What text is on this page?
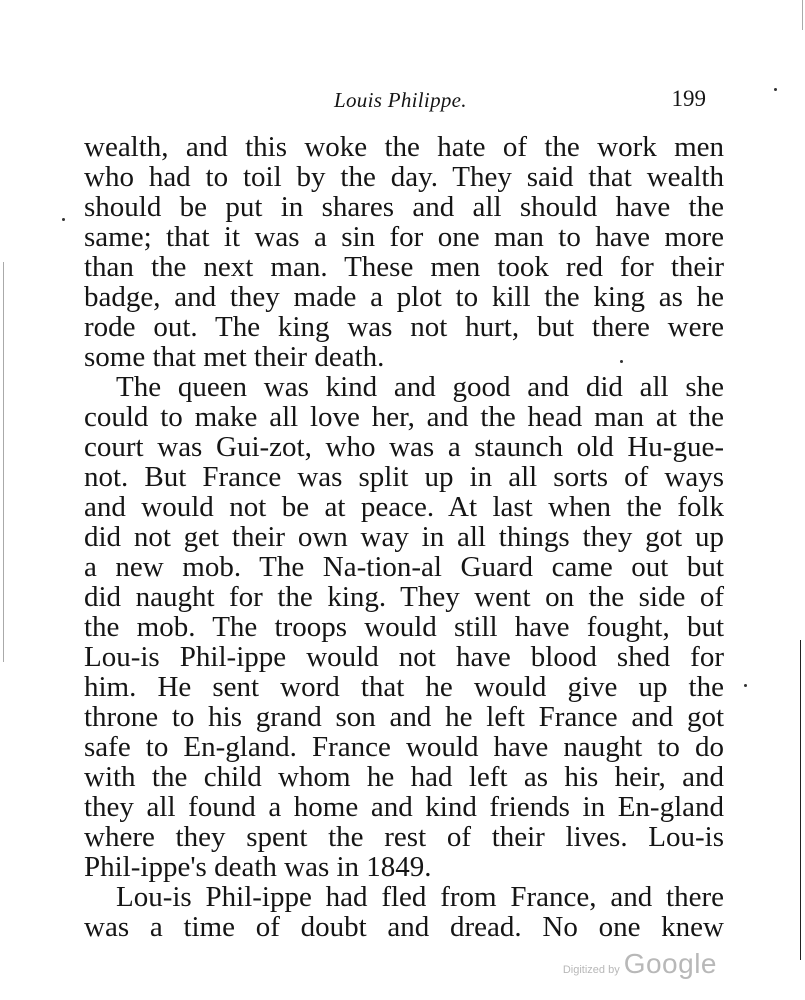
Louis Philippe.	199
wealth, and this woke the hate of the work men
who had to toil by the day. They said that wealth
should be put in shares and all should have the
same; that it was a sin for one man to have more
than the next man. These men took red for their
badge, and they made a plot to kill the king as he
rode out. The king was not hurt, but there were
some that met their death.
The queen was kind and good and did all she
could to make all love her, and the head man at the
court was Gui-zot, who was a staunch old Hu-gue-
not. But France was split up in all sorts of ways
and would not be at peace. At last when the folk
did not get their own way in all things they got up
a new mob. The Na-tion-al Guard came out but
did naught for the king. They went on the side of
the mob. The troops would still have fought, but
Lou-is Phil-ippe would not have blood shed for
him. He sent word that he would give up the
throne to his grand son and he left France and got
safe to En-gland. France would have naught to do
with the child whom he had left as his heir, and
they all found a home and kind friends in En-gland
where they spent the rest of their lives. Lou-is
Phil-ippe's death was in 1849.
Lou-is Phil-ippe had fled from France, and there
was a time of doubt and dread. No one knew
Digitized by Google
